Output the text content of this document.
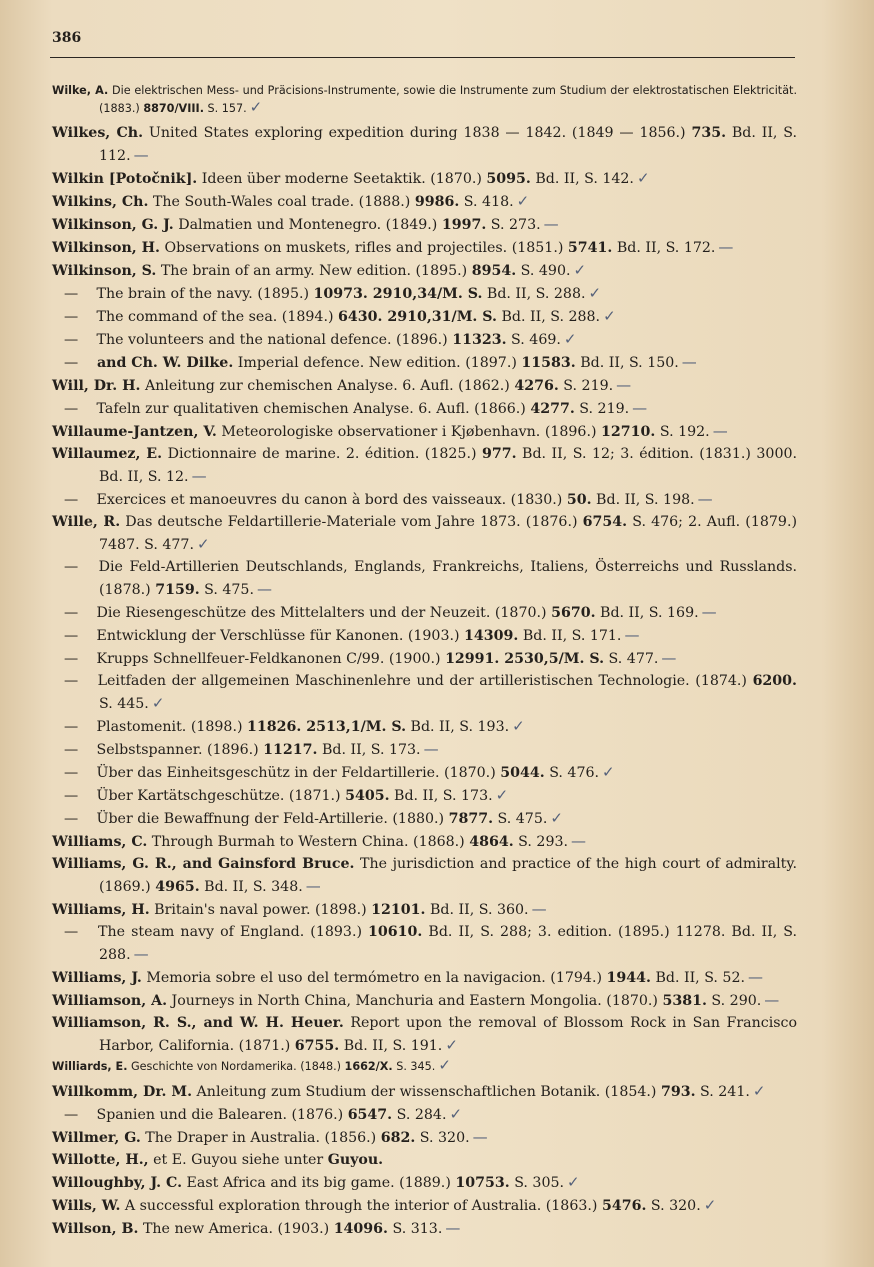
386
Wilke, A. Die elektrischen Mess- und Präcisions-Instrumente, sowie die Instrumente zum Studium der elektrostatischen Elektricität. (1883.) 8870/VIII. S. 157. ✓
Wilkes, Ch. United States exploring expedition during 1838 — 1842. (1849 — 1856.) 735. Bd. II, S. 112. —
Wilkin [Potočnik]. Ideen über moderne Seetaktik. (1870.) 5095. Bd. II, S. 142. ✓
Wilkins, Ch. The South-Wales coal trade. (1888.) 9986. S. 418. ✓
Wilkinson, G. J. Dalmatien und Montenegro. (1849.) 1997. S. 273. —
Wilkinson, H. Observations on muskets, rifles and projectiles. (1851.) 5741. Bd. II, S. 172. —
Wilkinson, S. The brain of an army. New edition. (1895.) 8954. S. 490. ✓
— The brain of the navy. (1895.) 10973. 2910,34/M. S. Bd. II, S. 288. ✓
— The command of the sea. (1894.) 6430. 2910,31/M. S. Bd. II, S. 288. ✓
— The volunteers and the national defence. (1896.) 11323. S. 469. ✓
— and Ch. W. Dilke. Imperial defence. New edition. (1897.) 11583. Bd. II, S. 150. —
Will, Dr. H. Anleitung zur chemischen Analyse. 6. Aufl. (1862.) 4276. S. 219. —
— Tafeln zur qualitativen chemischen Analyse. 6. Aufl. (1866.) 4277. S. 219. —
Willaume-Jantzen, V. Meteorologiske observationer i Kjøbenhavn. (1896.) 12710. S. 192. —
Willaumez, E. Dictionnaire de marine. 2. édition. (1825.) 977. Bd. II, S. 12; 3. édition. (1831.) 3000. Bd. II, S. 12. —
— Exercices et manoeuvres du canon à bord des vaisseaux. (1830.) 50. Bd. II, S. 198. —
Wille, R. Das deutsche Feldartillerie-Materiale vom Jahre 1873. (1876.) 6754. S. 476; 2. Aufl. (1879.) 7487. S. 477. ✓
— Die Feld-Artillerien Deutschlands, Englands, Frankreichs, Italiens, Österreichs und Russlands. (1878.) 7159. S. 475. —
— Die Riesengeschütze des Mittelalters und der Neuzeit. (1870.) 5670. Bd. II, S. 169. —
— Entwicklung der Verschlüsse für Kanonen. (1903.) 14309. Bd. II, S. 171. —
— Krupps Schnellfeuer-Feldkanonen C/99. (1900.) 12991. 2530,5/M. S. S. 477. —
— Leitfaden der allgemeinen Maschinenlehre und der artilleristischen Technologie. (1874.) 6200. S. 445. ✓
— Plastomenit. (1898.) 11826. 2513,1/M. S. Bd. II, S. 193. ✓
— Selbstspanner. (1896.) 11217. Bd. II, S. 173. —
— Über das Einheitsgeschütz in der Feldartillerie. (1870.) 5044. S. 476. ✓
— Über Kartätschgeschütze. (1871.) 5405. Bd. II, S. 173. ✓
— Über die Bewaffnung der Feld-Artillerie. (1880.) 7877. S. 475. ✓
Williams, C. Through Burmah to Western China. (1868.) 4864. S. 293. —
Williams, G. R., and Gainsford Bruce. The jurisdiction and practice of the high court of admiralty. (1869.) 4965. Bd. II, S. 348. —
Williams, H. Britain's naval power. (1898.) 12101. Bd. II, S. 360. —
— The steam navy of England. (1893.) 10610. Bd. II, S. 288; 3. edition. (1895.) 11278. Bd. II, S. 288. —
Williams, J. Memoria sobre el uso del termómetro en la navigacion. (1794.) 1944. Bd. II, S. 52. —
Williamson, A. Journeys in North China, Manchuria and Eastern Mongolia. (1870.) 5381. S. 290. —
Williamson, R. S., and W. H. Heuer. Report upon the removal of Blossom Rock in San Francisco Harbor, California. (1871.) 6755. Bd. II, S. 191. ✓
Williards, E. Geschichte von Nordamerika. (1848.) 1662/X. S. 345. ✓
Willkomm, Dr. M. Anleitung zum Studium der wissenschaftlichen Botanik. (1854.) 793. S. 241. ✓
— Spanien und die Balearen. (1876.) 6547. S. 284. ✓
Willmer, G. The Draper in Australia. (1856.) 682. S. 320. —
Willotte, H., et E. Guyou siehe unter Guyou.
Willoughby, J. C. East Africa and its big game. (1889.) 10753. S. 305. ✓
Wills, W. A successful exploration through the interior of Australia. (1863.) 5476. S. 320. ✓
Willson, B. The new America. (1903.) 14096. S. 313. —
